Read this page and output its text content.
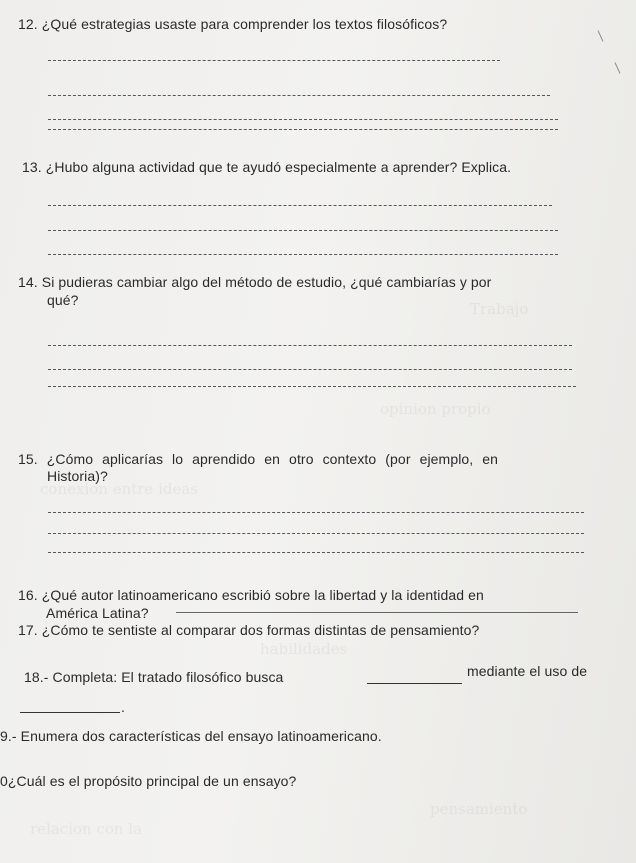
Trabajo
opinion propio
conexion entre ideas
habilidades
pensamiento
relacion con la
12. ¿Qué estrategias usaste para comprender los textos filosóficos?
13. ¿Hubo alguna actividad que te ayudó especialmente a aprender? Explica.
14. Si pudieras cambiar algo del método de estudio, ¿qué cambiarías y por
qué?
15. ¿Cómo aplicarías lo aprendido en otro contexto (por ejemplo, en
Historia)?
16. ¿Qué autor latinoamericano escribió sobre la libertad y la identidad en
América Latina?
17. ¿Cómo te sentiste al comparar dos formas distintas de pensamiento?
18.- Completa: El tratado filosófico busca	mediante el uso de
.
9.- Enumera dos características del ensayo latinoamericano.
0¿Cuál es el propósito principal de un ensayo?
